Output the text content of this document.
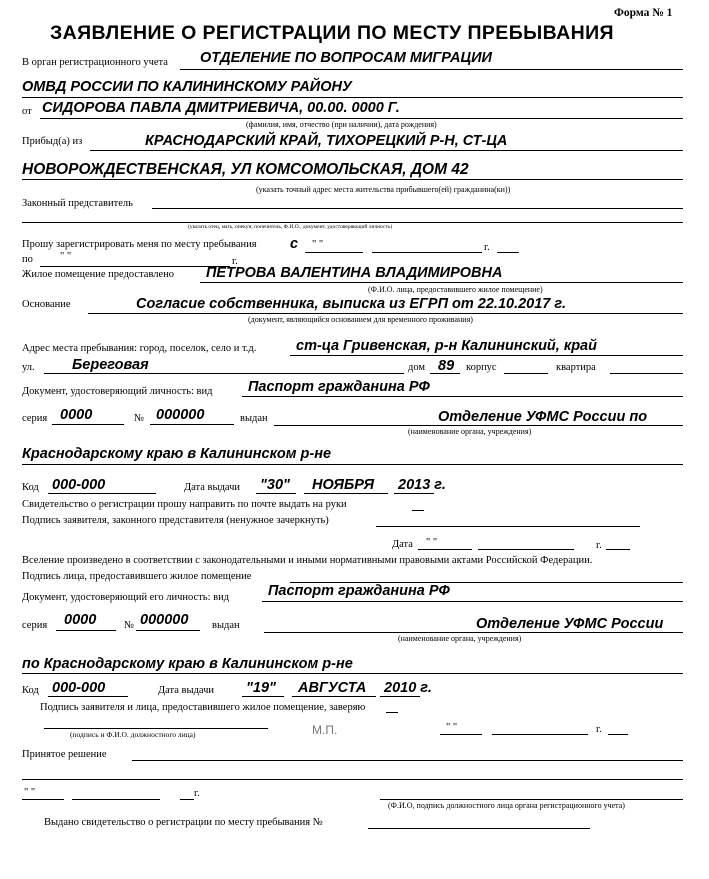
Форма № 1
ЗАЯВЛЕНИЕ О РЕГИСТРАЦИИ ПО МЕСТУ ПРЕБЫВАНИЯ
В орган регистрационного учета ОТДЕЛЕНИЕ ПО ВОПРОСАМ МИГРАЦИИ
ОМВД РОССИИ ПО КАЛИНИНСКОМУ РАЙОНУ
от СИДОРОВА ПАВЛА ДМИТРИЕВИЧА, 00.00. 0000 Г.
(фамилия, имя, отчество (при наличии), дата рождения)
Прибыд(а) из	КРАСНОДАРСКИЙ КРАЙ, ТИХОРЕЦКИЙ Р-Н, СТ-ЦА
НОВОРОЖДЕСТВЕНСКАЯ, УЛ КОМСОМОЛЬСКАЯ, ДОМ 42
(указать точный адрес места жительства прибывшего(ей) гражданина(ки))
Законный представитель
(указать отец, мать, опекун, попечитель, Ф.И.О., документ, удостоверяющий личность)
Прошу зарегистрировать меня по месту пребывания с " "	г.
по	" "	г.
Жилое помещение предоставлено ПЕТРОВА ВАЛЕНТИНА ВЛАДИМИРОВНА
(Ф.И.О. лица, предоставившего жилое помещение)
Основание	Согласие собственника, выписка из ЕГРП от 22.10.2017 г.
(документ, являющийся основанием для временного проживания)
Адрес места пребывания: город, поселок, село и т.д.	ст-ца Гривенская, р-н Калининский, край
ул.	Береговая	дом 89 корпус	квартира
Документ, удостоверяющий личность: вид Паспорт гражданина РФ
серия 0000	№ 000000	выдан	Отделение УФМС России по
(наименование органа, учреждения)
Краснодарскому краю в Калининском р-не
Код 000-000	Дата выдачи "30" НОЯБРЯ 2013 г.
Свидетельство о регистрации прошу направить по почте выдать на руки
Подпись заявителя, законного представителя (ненужное зачеркнуть)
Дата " "	г.
Вселение произведено в соответствии с законодательными и иными нормативными правовыми актами Российской Федерации.
Подпись лица, предоставившего жилое помещение
Документ, удостоверяющий его личность: вид	Паспорт гражданина РФ
серия 0000	№ 000000 выдан	Отделение УФМС России
(наименование органа, учреждения)
по Краснодарскому краю в Калининском р-не
Код 000-000	Дата выдачи "19" АВГУСТА 2010 г.
Подпись заявителя и лица, предоставившего жилое помещение, заверяю
(подпись и Ф.И.О. должностного лица)	М.П.	" "	г.
Принятое решение
" "	г.
(Ф.И.О, подпись должностного лица органа регистрационного учета)
Выдано свидетельство о регистрации по месту пребывания №
